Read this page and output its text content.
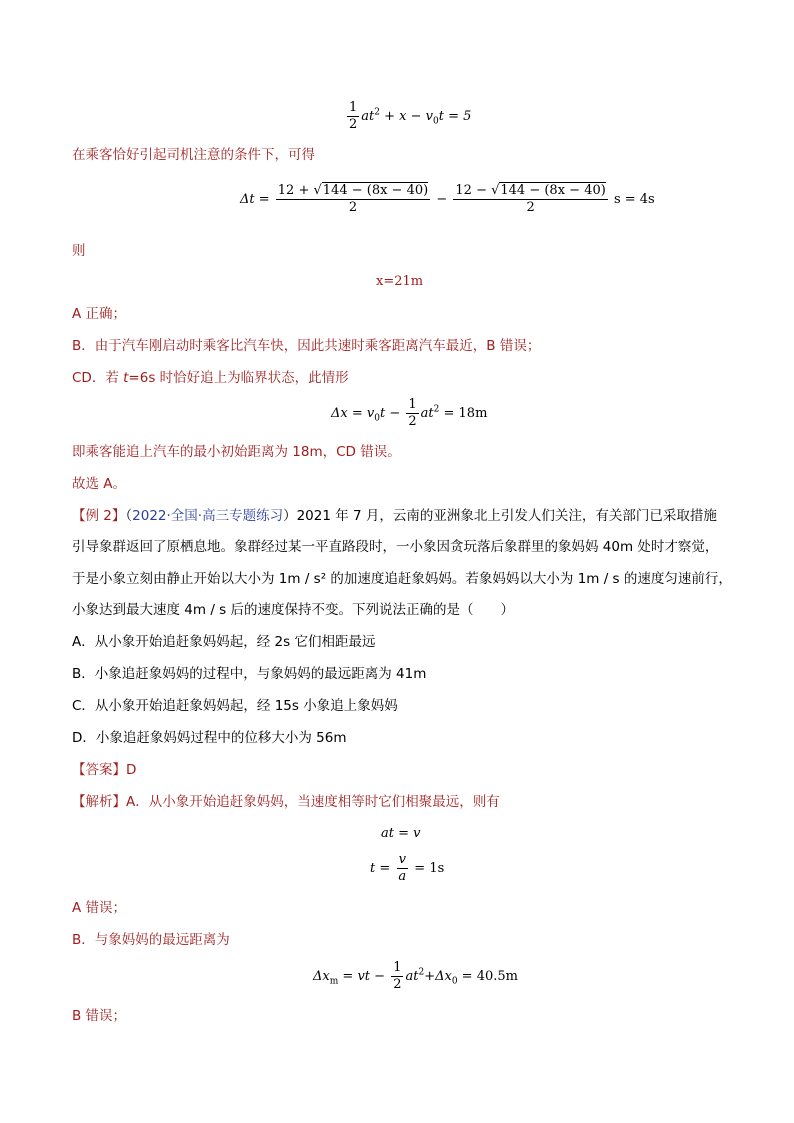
$\frac{1}{2} at^2 + x - v_0t = 5$
在乘客恰好引起司机注意的条件下，可得
$\Delta t = \frac{12 + √144 - (8x - 40)}{2} - \frac{12 - √144 - (8x - 40)}{2}$ s = 4s
则
x=21m
A 正确；
B．由于汽车刚启动时乘客比汽车快，因此共速时乘客距离汽车最近，B 错误；
CD．若 t=6s 时恰好追上为临界状态，此情形
$\Delta x = v_0t - \frac{1}{2} at^2 = 18m$
即乘客能追上汽车的最小初始距离为 18m，CD 错误。
故选 A。
【例 2】（2022·全国·高三专题练习）2021 年 7 月，云南的亚洲象北上引发人们关注，有关部门已采取措施
引导象群返回了原栖息地。象群经过某一平直路段时，一小象因贪玩落后象群里的象妈妈 40m 处时才察觉，
于是小象立刻由静止开始以大小为 1m / s² 的加速度追赶象妈妈。若象妈妈以大小为 1m / s 的速度匀速前行，
小象达到最大速度 4m / s 后的速度保持不变。下列说法正确的是（　　）
A．从小象开始追赶象妈妈起，经 2s 它们相距最远
B．小象追赶象妈妈的过程中，与象妈妈的最远距离为 41m
C．从小象开始追赶象妈妈起，经 15s 小象追上象妈妈
D．小象追赶象妈妈过程中的位移大小为 56m
【答案】D
【解析】A．从小象开始追赶象妈妈，当速度相等时它们相聚最远，则有
at = v
$t = \frac{v}{a} = 1s$
A 错误；
B．与象妈妈的最远距离为
$\Delta x_m$ = vt − $\frac{1}{2} at^2+\Delta x_0 = 40.5m$
B 错误；
